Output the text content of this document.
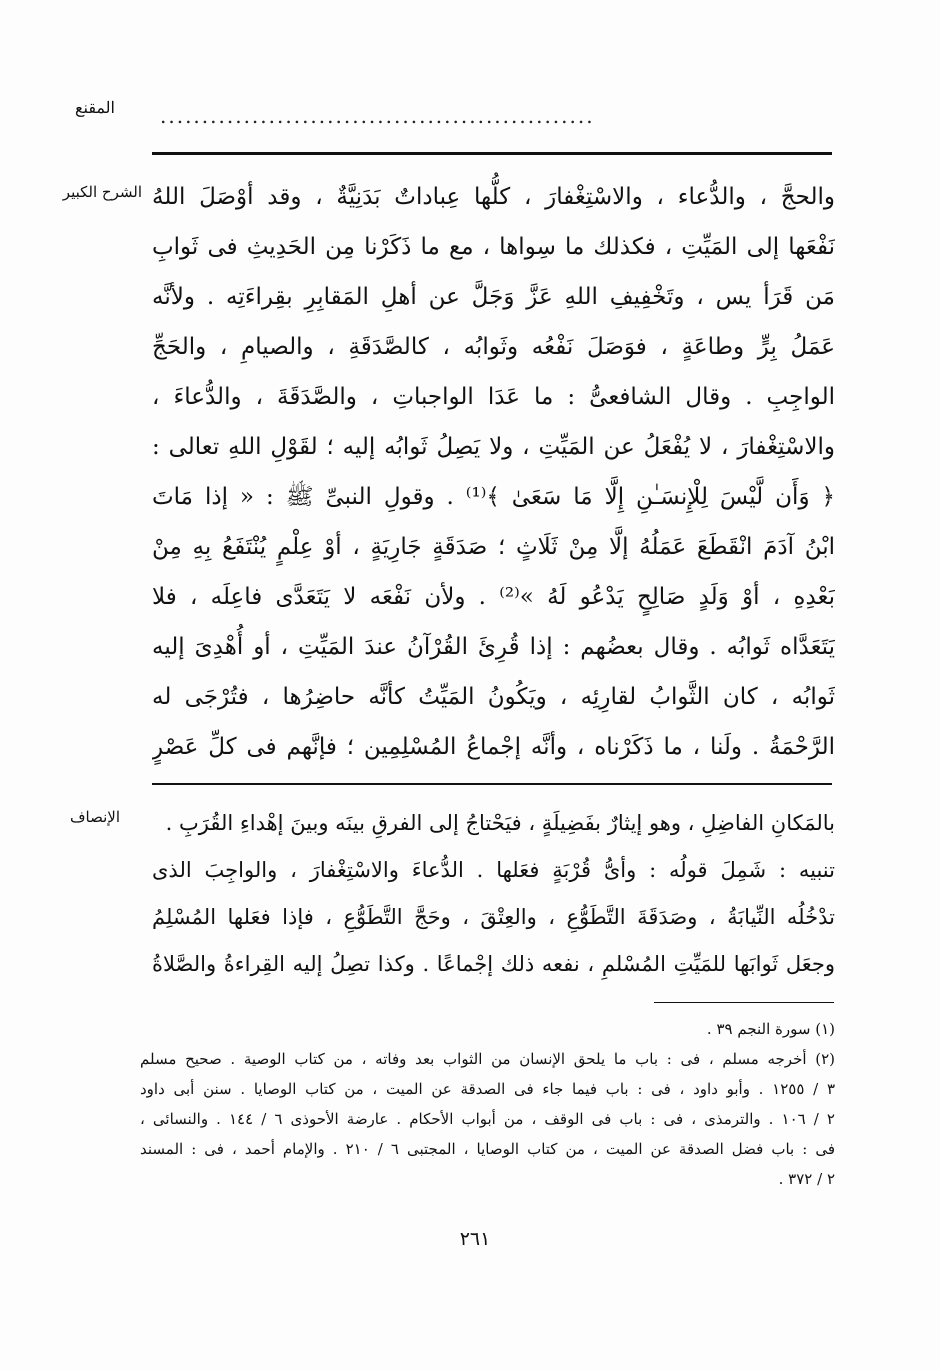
المقنع ....................................................
الشرح الكبير والحجَّ ، والدُّعاء ، والاسْتِغْفارَ ، كلُّها عِباداتٌ بَدَنِيَّةٌ ، وقد أوْصَلَ اللهُ

نَفْعَها إلى المَيِّتِ ، فكذلك ما سِواها ، مع ما ذَكَرْنا مِن الحَدِيثِ فى ثَوابِ

مَن قَرَأ يس ، وتَخْفِيفِ اللهِ عَزَّ وَجَلَّ عن أهلِ المَقابِرِ بقِراءَتِه . ولأنَّه

عَمَلُ بِرٍّ وطاعَةٍ ، فوَصَلَ نَفْعُه وثَوابُه ، كالصَّدَقَةِ ، والصيامِ ، والحَجِّ

الواجِبِ . وقال الشافعىُّ : ما عَدَا الواجباتِ ، والصَّدَقَةَ ، والدُّعاءَ ،

والاسْتِغْفارَ ، لا يُفْعَلُ عن المَيِّتِ ، ولا يَصِلُ ثَوابُه إليه ؛ لقَوْلِ اللهِ تعالى :

﴿ وَأَن لَّيْسَ لِلْإِنسَـٰنِ إِلَّا مَا سَعَىٰ ﴾⁽¹⁾ . وقولِ النبىِّ ﷺ : « إذا مَاتَ

ابْنُ آدَمَ انْقَطَعَ عَمَلُهُ إلَّا مِنْ ثَلَاثٍ ؛ صَدَقَةٍ جَارِيَةٍ ، أوْ عِلْمٍ يُنْتَفَعُ بِهِ مِنْ

بَعْدِهِ ، أوْ وَلَدٍ صَالِحٍ يَدْعُو لَهُ »⁽²⁾ . ولأن نَفْعَه لا يَتَعَدَّى فاعِلَه ، فلا

يَتَعَدَّاه ثَوابُه . وقال بعضُهم : إذا قُرِئَ القُرْآنُ عندَ المَيِّتِ ، أو أُهْدِىَ إليه

ثَوابُه ، كان الثَّوابُ لقارِئِه ، ويَكُونُ المَيِّتُ كأنَّه حاضِرُها ، فتُرْجَى له

الرَّحْمَةُ . ولَنا ، ما ذَكَرْناه ، وأنَّه إجْماعُ المُسْلِمِين ؛ فإنَّهم فى كلِّ عَصْرٍ

الإنصاف	بالمَكانِ الفاضِلِ ، وهو إيثارٌ بفَضِيلَةٍ ، فيَحْتاجُ إلى الفرقِ بينَه وبينَ إهْداءِ القُرَبِ .

تنبيه : شَمِلَ قولُه : وأىُّ قُرْبَةٍ فعَلها . الدُّعاءَ والاسْتِغْفارَ ، والواجِبَ الذى

تدْخُلُه النِّيابَةُ ، وصَدَقَةَ التَّطَوُّعِ ، والعِتْقَ ، وحَجَّ التَّطَوُّعِ ، فإذا فعَلها المُسْلِمُ

وجعَل ثَوابَها للمَيِّتِ المُسْلمِ ، نفعه ذلك إجْماعًا . وكذا تصِلُ إليه القِراءةُ والصَّلاةُ

(١) سورة النجم ٣٩ .

(٢) أخرجه مسلم ، فى : باب ما يلحق الإنسان من الثواب بعد وفاته ، من كتاب الوصية . صحيح مسلم

٣ / ١٢٥٥ . وأبو داود ، فى : باب فيما جاء فى الصدقة عن الميت ، من كتاب الوصايا . سنن أبى داود

٢ / ١٠٦ . والترمذى ، فى : باب فى الوقف ، من أبواب الأحكام . عارضة الأحوذى ٦ / ١٤٤ . والنسائى ،

فى : باب فضل الصدقة عن الميت ، من كتاب الوصايا ، المجتبى ٦ / ٢١٠ . والإمام أحمد ، فى : المسند

٢ / ٣٧٢ .

٢٦١
